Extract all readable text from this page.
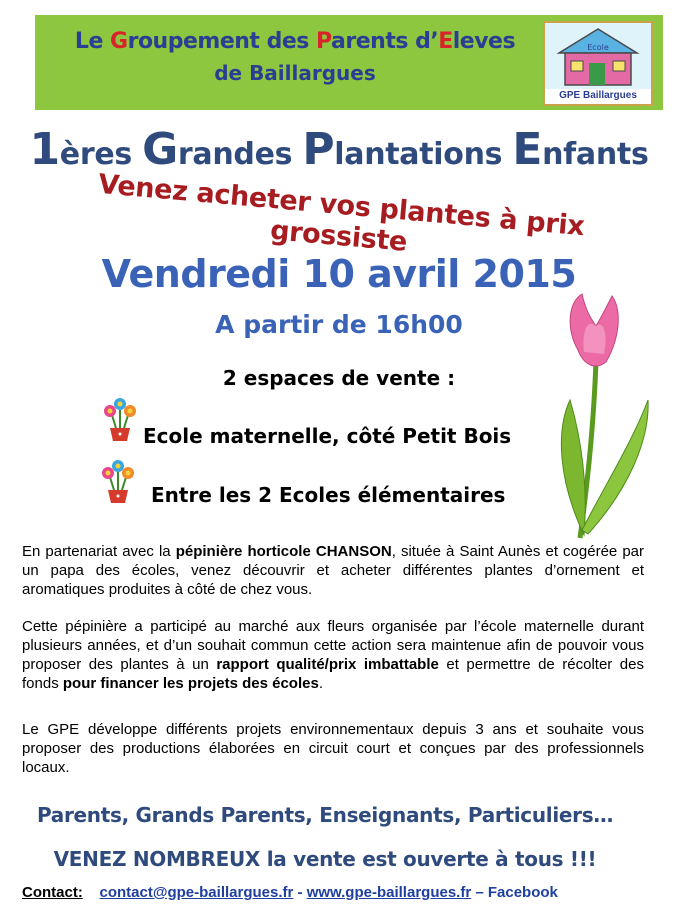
Le Groupement des Parents d’Eleves
de Baillargues
Ecole
GPE Baillargues
1ères Grandes Plantations Enfants
Venez acheter vos plantes à prix grossiste
Vendredi 10 avril 2015
A partir de 16h00
2 espaces de vente :
Ecole maternelle, côté Petit Bois
Entre les 2 Ecoles élémentaires
En partenariat avec la pépinière horticole CHANSON, située à Saint Aunès et cogérée par un papa des écoles, venez découvrir et acheter différentes plantes d’ornement et aromatiques produites à côté de chez vous.
Cette pépinière a participé au marché aux fleurs organisée par l’école maternelle durant plusieurs années, et d’un souhait commun cette action sera maintenue afin de pouvoir vous proposer des plantes à un rapport qualité/prix imbattable et permettre de récolter des fonds pour financer les projets des écoles.
Le GPE développe différents projets environnementaux depuis 3 ans et souhaite vous proposer des productions élaborées en circuit court et conçues par des professionnels locaux.
Parents, Grands Parents, Enseignants, Particuliers…
VENEZ NOMBREUX la vente est ouverte à tous !!!
Contact: contact@gpe-baillargues.fr - www.gpe-baillargues.fr – Facebook
